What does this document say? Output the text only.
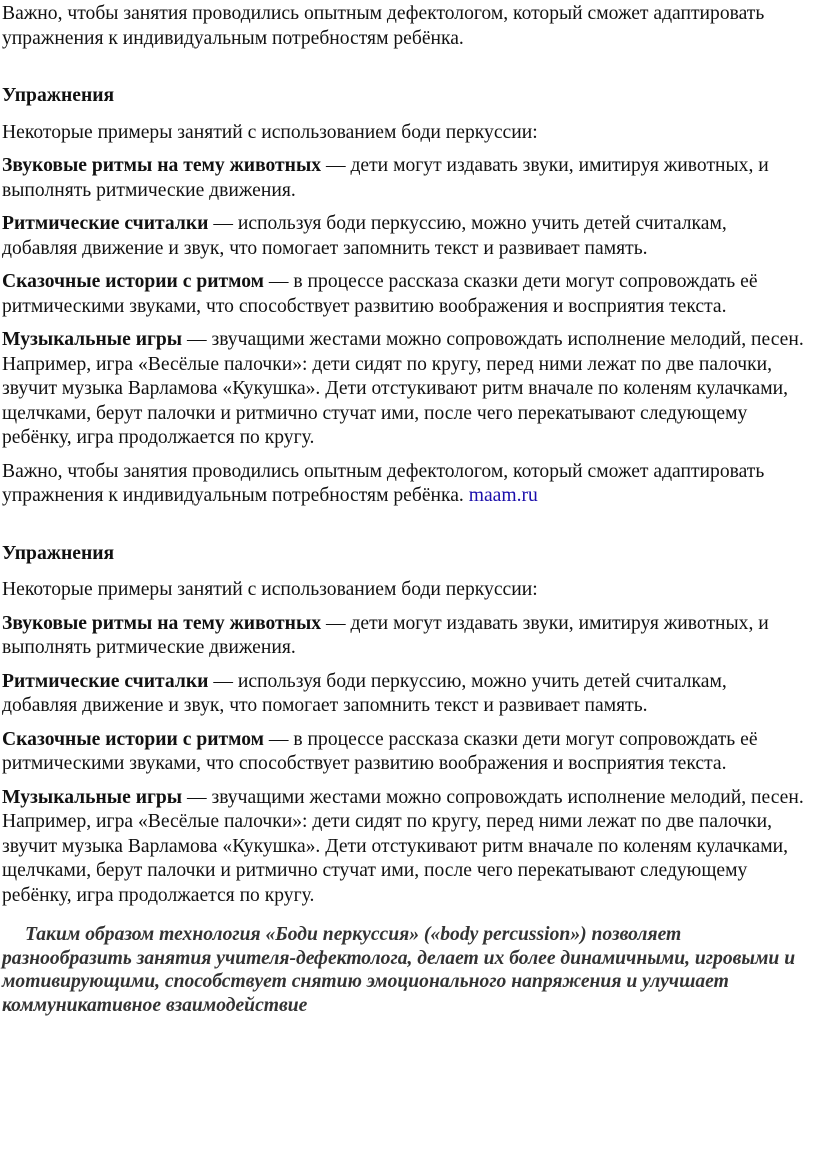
Важно, чтобы занятия проводились опытным дефектологом, который сможет адаптировать упражнения к индивидуальным потребностям ребёнка.

Упражнения

Некоторые примеры занятий с использованием боди перкуссии:

Звуковые ритмы на тему животных — дети могут издавать звуки, имитируя животных, и выполнять ритмические движения.

Ритмические считалки — используя боди перкуссию, можно учить детей считалкам, добавляя движение и звук, что помогает запомнить текст и развивает память.

Сказочные истории с ритмом — в процессе рассказа сказки дети могут сопровождать её ритмическими звуками, что способствует развитию воображения и восприятия текста.

Музыкальные игры — звучащими жестами можно сопровождать исполнение мелодий, песен. Например, игра «Весёлые палочки»: дети сидят по кругу, перед ними лежат по две палочки, звучит музыка Варламова «Кукушка». Дети отстукивают ритм вначале по коленям кулачками, щелчками, берут палочки и ритмично стучат ими, после чего перекатывают следующему ребёнку, игра продолжается по кругу.

Важно, чтобы занятия проводились опытным дефектологом, который сможет адаптировать упражнения к индивидуальным потребностям ребёнка. maam.ru

Упражнения

Некоторые примеры занятий с использованием боди перкуссии:

Звуковые ритмы на тему животных — дети могут издавать звуки, имитируя животных, и выполнять ритмические движения.

Ритмические считалки — используя боди перкуссию, можно учить детей считалкам, добавляя движение и звук, что помогает запомнить текст и развивает память.

Сказочные истории с ритмом — в процессе рассказа сказки дети могут сопровождать её ритмическими звуками, что способствует развитию воображения и восприятия текста.

Музыкальные игры — звучащими жестами можно сопровождать исполнение мелодий, песен. Например, игра «Весёлые палочки»: дети сидят по кругу, перед ними лежат по две палочки, звучит музыка Варламова «Кукушка». Дети отстукивают ритм вначале по коленям кулачками, щелчками, берут палочки и ритмично стучат ими, после чего перекатывают следующему ребёнку, игра продолжается по кругу.

Таким образом технология «Боди перкуссия» («body percussion») позволяет разнообразить занятия учителя-дефектолога, делает их более динамичными, игровыми и мотивирующими, способствует снятию эмоционального напряжения и улучшает коммуникативное взаимодействие
